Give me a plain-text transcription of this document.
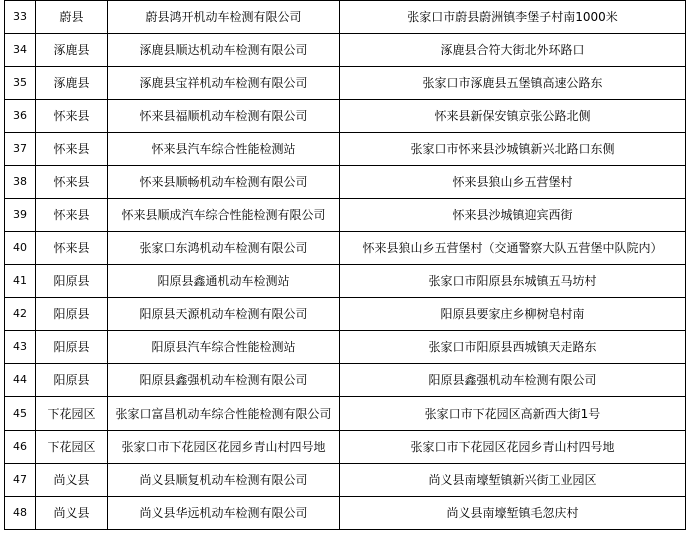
33	蔚县	蔚县鸿开机动车检测有限公司	张家口市蔚县蔚洲镇李堡子村南1000米
34	涿鹿县	涿鹿县顺达机动车检测有限公司	涿鹿县合符大街北外环路口
35	涿鹿县	涿鹿县宝祥机动车检测有限公司	张家口市涿鹿县五堡镇高速公路东
36	怀来县	怀来县福顺机动车检测有限公司	怀来县新保安镇京张公路北侧
37	怀来县	怀来县汽车综合性能检测站	张家口市怀来县沙城镇新兴北路口东侧
38	怀来县	怀来县顺畅机动车检测有限公司	怀来县狼山乡五营堡村
39	怀来县	怀来县顺成汽车综合性能检测有限公司	怀来县沙城镇迎宾西街
40	怀来县	张家口东鸿机动车检测有限公司	怀来县狼山乡五营堡村（交通警察大队五营堡中队院内）
41	阳原县	阳原县鑫通机动车检测站	张家口市阳原县东城镇五马坊村
42	阳原县	阳原县天源机动车检测有限公司	阳原县要家庄乡柳树皂村南
43	阳原县	阳原县汽车综合性能检测站	张家口市阳原县西城镇天走路东
44	阳原县	阳原县鑫强机动车检测有限公司	阳原县鑫强机动车检测有限公司
45	下花园区	张家口富昌机动车综合性能检测有限公司	张家口市下花园区高新西大街1号
46	下花园区	张家口市下花园区花园乡青山村四号地	张家口市下花园区花园乡青山村四号地
47	尚义县	尚义县顺复机动车检测有限公司	尚义县南壕堑镇新兴街工业园区
48	尚义县	尚义县华远机动车检测有限公司	尚义县南壕堑镇毛忽庆村
